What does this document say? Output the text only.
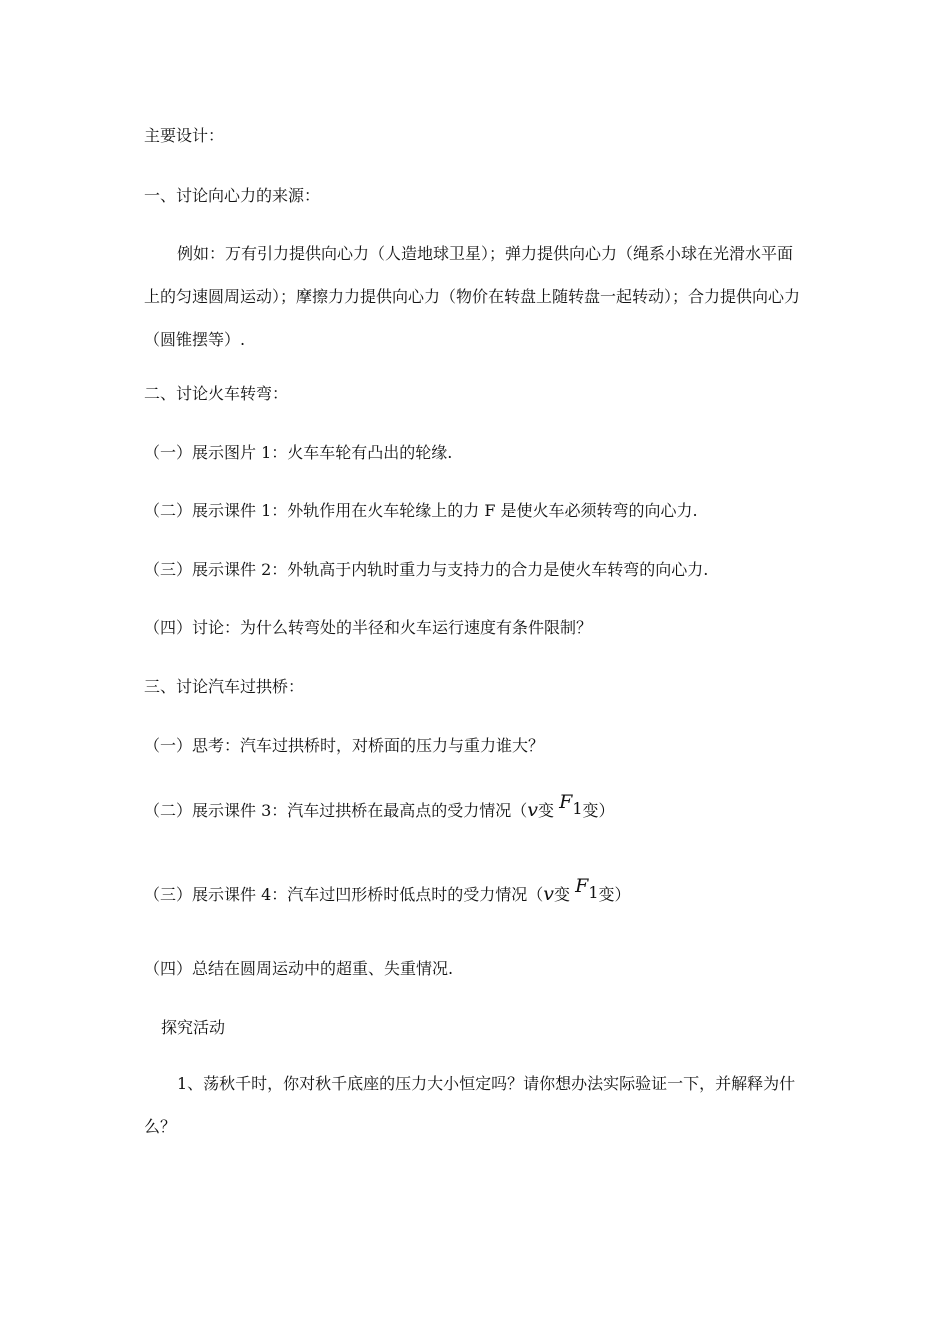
主要设计：
一、讨论向心力的来源：
例如：万有引力提供向心力（人造地球卫星）；弹力提供向心力（绳系小球在光滑水平面上的匀速圆周运动）；摩擦力力提供向心力（物价在转盘上随转盘一起转动）；合力提供向心力（圆锥摆等）.
二、讨论火车转弯：
（一）展示图片 1：火车车轮有凸出的轮缘.
（二）展示课件 1：外轨作用在火车轮缘上的力 F 是使火车必须转弯的向心力.
（三）展示课件 2：外轨高于内轨时重力与支持力的合力是使火车转弯的向心力.
（四）讨论：为什么转弯处的半径和火车运行速度有条件限制？
三、讨论汽车过拱桥：
（一）思考：汽车过拱桥时，对桥面的压力与重力谁大？
（二）展示课件 3：汽车过拱桥在最高点的受力情况（v变 $F_1$变）
（三）展示课件 4：汽车过凹形桥时低点时的受力情况（v变 $F_1$变）
（四）总结在圆周运动中的超重、失重情况.
探究活动
1、荡秋千时，你对秋千底座的压力大小恒定吗？请你想办法实际验证一下，并解释为什么？
